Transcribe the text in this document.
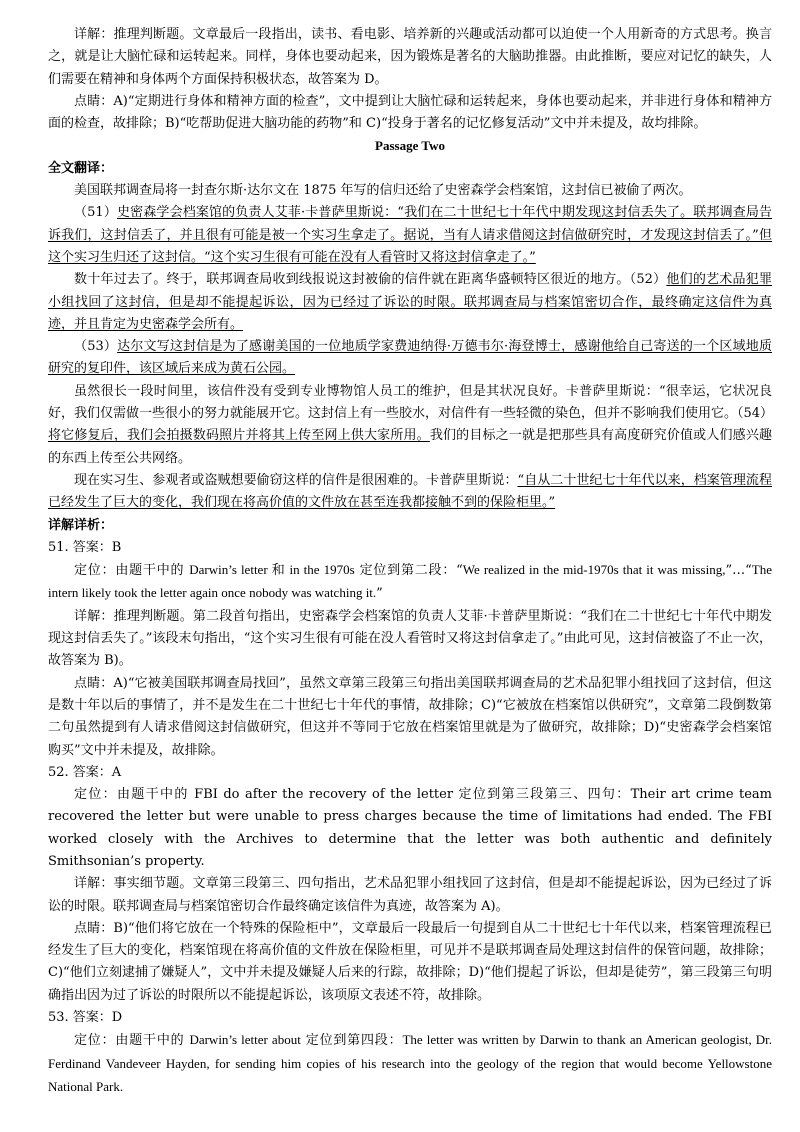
详解：推理判断题。文章最后一段指出，读书、看电影、培养新的兴趣或活动都可以迫使一个人用新奇的方式思考。换言之，就是让大脑忙碌和运转起来。同样，身体也要动起来，因为锻炼是著名的大脑助推器。由此推断，要应对记忆的缺失，人们需要在精神和身体两个方面保持积极状态，故答案为 D。

点睛：A)“定期进行身体和精神方面的检查”，文中提到让大脑忙碌和运转起来，身体也要动起来，并非进行身体和精神方面的检查，故排除；B)“吃帮助促进大脑功能的药物”和 C)“投身于著名的记忆修复活动”文中并未提及，故均排除。

Passage Two

全文翻译：

美国联邦调查局将一封查尔斯·达尔文在 1875 年写的信归还给了史密森学会档案馆，这封信已被偷了两次。

（51）史密森学会档案馆的负责人艾菲·卡普萨里斯说：“我们在二十世纪七十年代中期发现这封信丢失了。联邦调查局告诉我们，这封信丢了，并且很有可能是被一个实习生拿走了。据说，当有人请求借阅这封信做研究时，才发现这封信丢了。”但这个实习生归还了这封信。“这个实习生很有可能在没有人看管时又将这封信拿走了。”

数十年过去了。终于，联邦调查局收到线报说这封被偷的信件就在距离华盛顿特区很近的地方。（52）他们的艺术品犯罪小组找回了这封信，但是却不能提起诉讼，因为已经过了诉讼的时限。联邦调查局与档案馆密切合作，最终确定这信件为真迹，并且肯定为史密森学会所有。

（53）达尔文写这封信是为了感谢美国的一位地质学家费迪纳得·万德韦尔·海登博士，感谢他给自己寄送的一个区域地质研究的复印件，该区域后来成为黄石公园。

虽然很长一段时间里，该信件没有受到专业博物馆人员工的维护，但是其状况良好。卡普萨里斯说：“很幸运，它状况良好，我们仅需做一些很小的努力就能展开它。这封信上有一些胶水，对信件有一些轻微的染色，但并不影响我们使用它。（54）将它修复后，我们会拍摄数码照片并将其上传至网上供大家所用。我们的目标之一就是把那些具有高度研究价值或人们感兴趣的东西上传至公共网络。

现在实习生、参观者或盗贼想要偷窃这样的信件是很困难的。卡普萨里斯说：“自从二十世纪七十年代以来，档案管理流程已经发生了巨大的变化，我们现在将高价值的文件放在甚至连我都接触不到的保险柜里。”

详解详析：

51. 答案：B

定位：由题干中的 Darwin’s letter 和 in the 1970s 定位到第二段：“We realized in the mid-1970s that it was missing,”…“The intern likely took the letter again once nobody was watching it.”

详解：推理判断题。第二段首句指出，史密森学会档案馆的负责人艾菲·卡普萨里斯说：“我们在二十世纪七十年代中期发现这封信丢失了。”该段末句指出，“这个实习生很有可能在没人看管时又将这封信拿走了。”由此可见，这封信被盗了不止一次，故答案为 B)。

点睛：A)“它被美国联邦调查局找回”，虽然文章第三段第三句指出美国联邦调查局的艺术品犯罪小组找回了这封信，但这是数十年以后的事情了，并不是发生在二十世纪七十年代的事情，故排除；C)“它被放在档案馆以供研究”，文章第二段倒数第二句虽然提到有人请求借阅这封信做研究，但这并不等同于它放在档案馆里就是为了做研究，故排除；D)“史密森学会档案馆购买”文中并未提及，故排除。

52. 答案：A

定位：由题干中的 FBI do after the recovery of the letter 定位到第三段第三、四句：Their art crime team recovered the letter but were unable to press charges because the time of limitations had ended. The FBI worked closely with the Archives to determine that the letter was both authentic and definitely Smithsonian’s property.

详解：事实细节题。文章第三段第三、四句指出，艺术品犯罪小组找回了这封信，但是却不能提起诉讼，因为已经过了诉讼的时限。联邦调查局与档案馆密切合作最终确定该信件为真迹，故答案为 A)。

点睛：B)“他们将它放在一个特殊的保险柜中”，文章最后一段最后一句提到自从二十世纪七十年代以来，档案管理流程已经发生了巨大的变化，档案馆现在将高价值的文件放在保险柜里，可见并不是联邦调查局处理这封信件的保管问题，故排除；C)“他们立刻逮捕了嫌疑人”，文中并未提及嫌疑人后来的行踪，故排除；D)“他们提起了诉讼，但却是徒劳”，第三段第三句明确指出因为过了诉讼的时限所以不能提起诉讼，该项原文表述不符，故排除。

53. 答案：D

定位：由题干中的 Darwin’s letter about 定位到第四段：The letter was written by Darwin to thank an American geologist, Dr. Ferdinand Vandeveer Hayden, for sending him copies of his research into the geology of the region that would become Yellowstone National Park.
